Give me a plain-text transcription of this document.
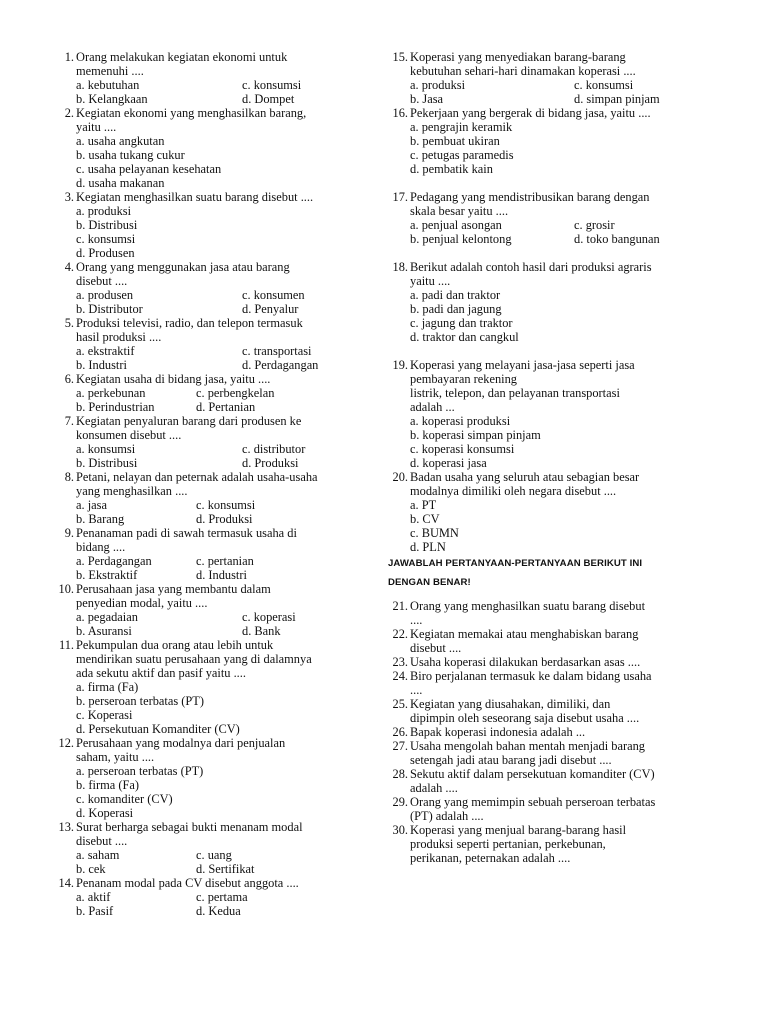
1. Orang melakukan kegiatan ekonomi untuk
memenuhi ....
a. kebutuhan	c. konsumsi
b. Kelangkaan	d. Dompet
2. Kegiatan ekonomi yang menghasilkan barang,
yaitu ....
a. usaha angkutan
b. usaha tukang cukur
c. usaha pelayanan kesehatan
d. usaha makanan
3. Kegiatan menghasilkan suatu barang disebut ....
a. produksi
b. Distribusi
c. konsumsi
d. Produsen
4. Orang yang menggunakan jasa atau barang
disebut ....
a. produsen	c. konsumen
b. Distributor	d. Penyalur
5. Produksi televisi, radio, dan telepon termasuk
hasil produksi ....
a. ekstraktif	c. transportasi
b. Industri	d. Perdagangan
6. Kegiatan usaha di bidang jasa, yaitu ....
a. perkebunan	c. perbengkelan
b. Perindustrian	d. Pertanian
7. Kegiatan penyaluran barang dari produsen ke
konsumen disebut ....
a. konsumsi	c. distributor
b. Distribusi	d. Produksi
8. Petani, nelayan dan peternak adalah usaha-usaha
yang menghasilkan ....
a. jasa	c. konsumsi
b. Barang	d. Produksi
9. Penanaman padi di sawah termasuk usaha di
bidang ....
a. Perdagangan	c. pertanian
b. Ekstraktif	d. Industri
10. Perusahaan jasa yang membantu dalam
penyedian modal, yaitu ....
a. pegadaian	c. koperasi
b. Asuransi	d. Bank
11. Pekumpulan dua orang atau lebih untuk
mendirikan suatu perusahaan yang di dalamnya
ada sekutu aktif dan pasif yaitu ....
a. firma (Fa)
b. perseroan terbatas (PT)
c. Koperasi
d. Persekutuan Komanditer (CV)
12. Perusahaan yang modalnya dari penjualan
saham, yaitu ....
a. perseroan terbatas (PT)
b. firma (Fa)
c. komanditer (CV)
d. Koperasi
13. Surat berharga sebagai bukti menanam modal
disebut ....
a. saham	c. uang
b. cek	d. Sertifikat
14. Penanam modal pada CV disebut anggota ....
a. aktif	c. pertama
b. Pasif	d. Kedua
15. Koperasi yang menyediakan barang-barang
kebutuhan sehari-hari dinamakan koperasi ....
a. produksi	c. konsumsi
b. Jasa	d. simpan pinjam
16. Pekerjaan yang bergerak di bidang jasa, yaitu ....
a. pengrajin keramik
b. pembuat ukiran
c. petugas paramedis
d. pembatik kain
17. Pedagang yang mendistribusikan barang dengan
skala besar yaitu ....
a. penjual asongan	c. grosir
b. penjual kelontong	d. toko bangunan
18. Berikut adalah contoh hasil dari produksi agraris
yaitu ....
a. padi dan traktor
b. padi dan jagung
c. jagung dan traktor
d. traktor dan cangkul
19. Koperasi yang melayani jasa-jasa seperti jasa
pembayaran rekening
listrik, telepon, dan pelayanan transportasi
adalah ...
a. koperasi produksi
b. koperasi simpan pinjam
c. koperasi konsumsi
d. koperasi jasa
20. Badan usaha yang seluruh atau sebagian besar
modalnya dimiliki oleh negara disebut ....
a. PT
b. CV
c. BUMN
d. PLN
JAWABLAH PERTANYAAN-PERTANYAAN BERIKUT INI
DENGAN BENAR!
21. Orang yang menghasilkan suatu barang disebut
....
22. Kegiatan memakai atau menghabiskan barang
disebut ....
23. Usaha koperasi dilakukan berdasarkan asas ....
24. Biro perjalanan termasuk ke dalam bidang usaha
....
25. Kegiatan yang diusahakan, dimiliki, dan
dipimpin oleh seseorang saja disebut usaha ....
26. Bapak koperasi indonesia adalah ...
27. Usaha mengolah bahan mentah menjadi barang
setengah jadi atau barang jadi disebut ....
28. Sekutu aktif dalam persekutuan komanditer (CV)
adalah ....
29. Orang yang memimpin sebuah perseroan terbatas
(PT) adalah ....
30. Koperasi yang menjual barang-barang hasil
produksi seperti pertanian, perkebunan,
perikanan, peternakan adalah ....
